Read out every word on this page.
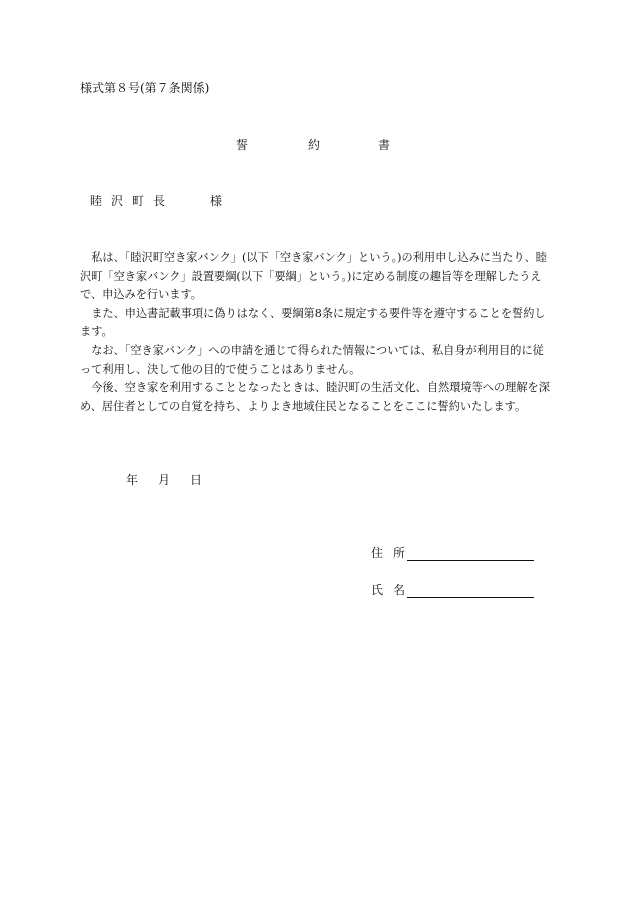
様式第８号(第７条関係)
誓	約	書
睦 沢 町 長	様

私は、「睦沢町空き家バンク」(以下「空き家バンク」という。)の利用申し込みに当たり、睦沢町「空き家バンク」設置要綱(以下「要綱」という。)に定める制度の趣旨等を理解したうえで、申込みを行います。

また、申込書記載事項に偽りはなく、要綱第8条に規定する要件等を遵守することを誓約します。

なお、「空き家バンク」への申請を通じて得られた情報については、私自身が利用目的に従って利用し、決して他の目的で使うことはありません。

今後、空き家を利用することとなったときは、睦沢町の生活文化、自然環境等への理解を深め、居住者としての自覚を持ち、よりよき地域住民となることをここに誓約いたします。

年 月 日
住 所
氏 名
